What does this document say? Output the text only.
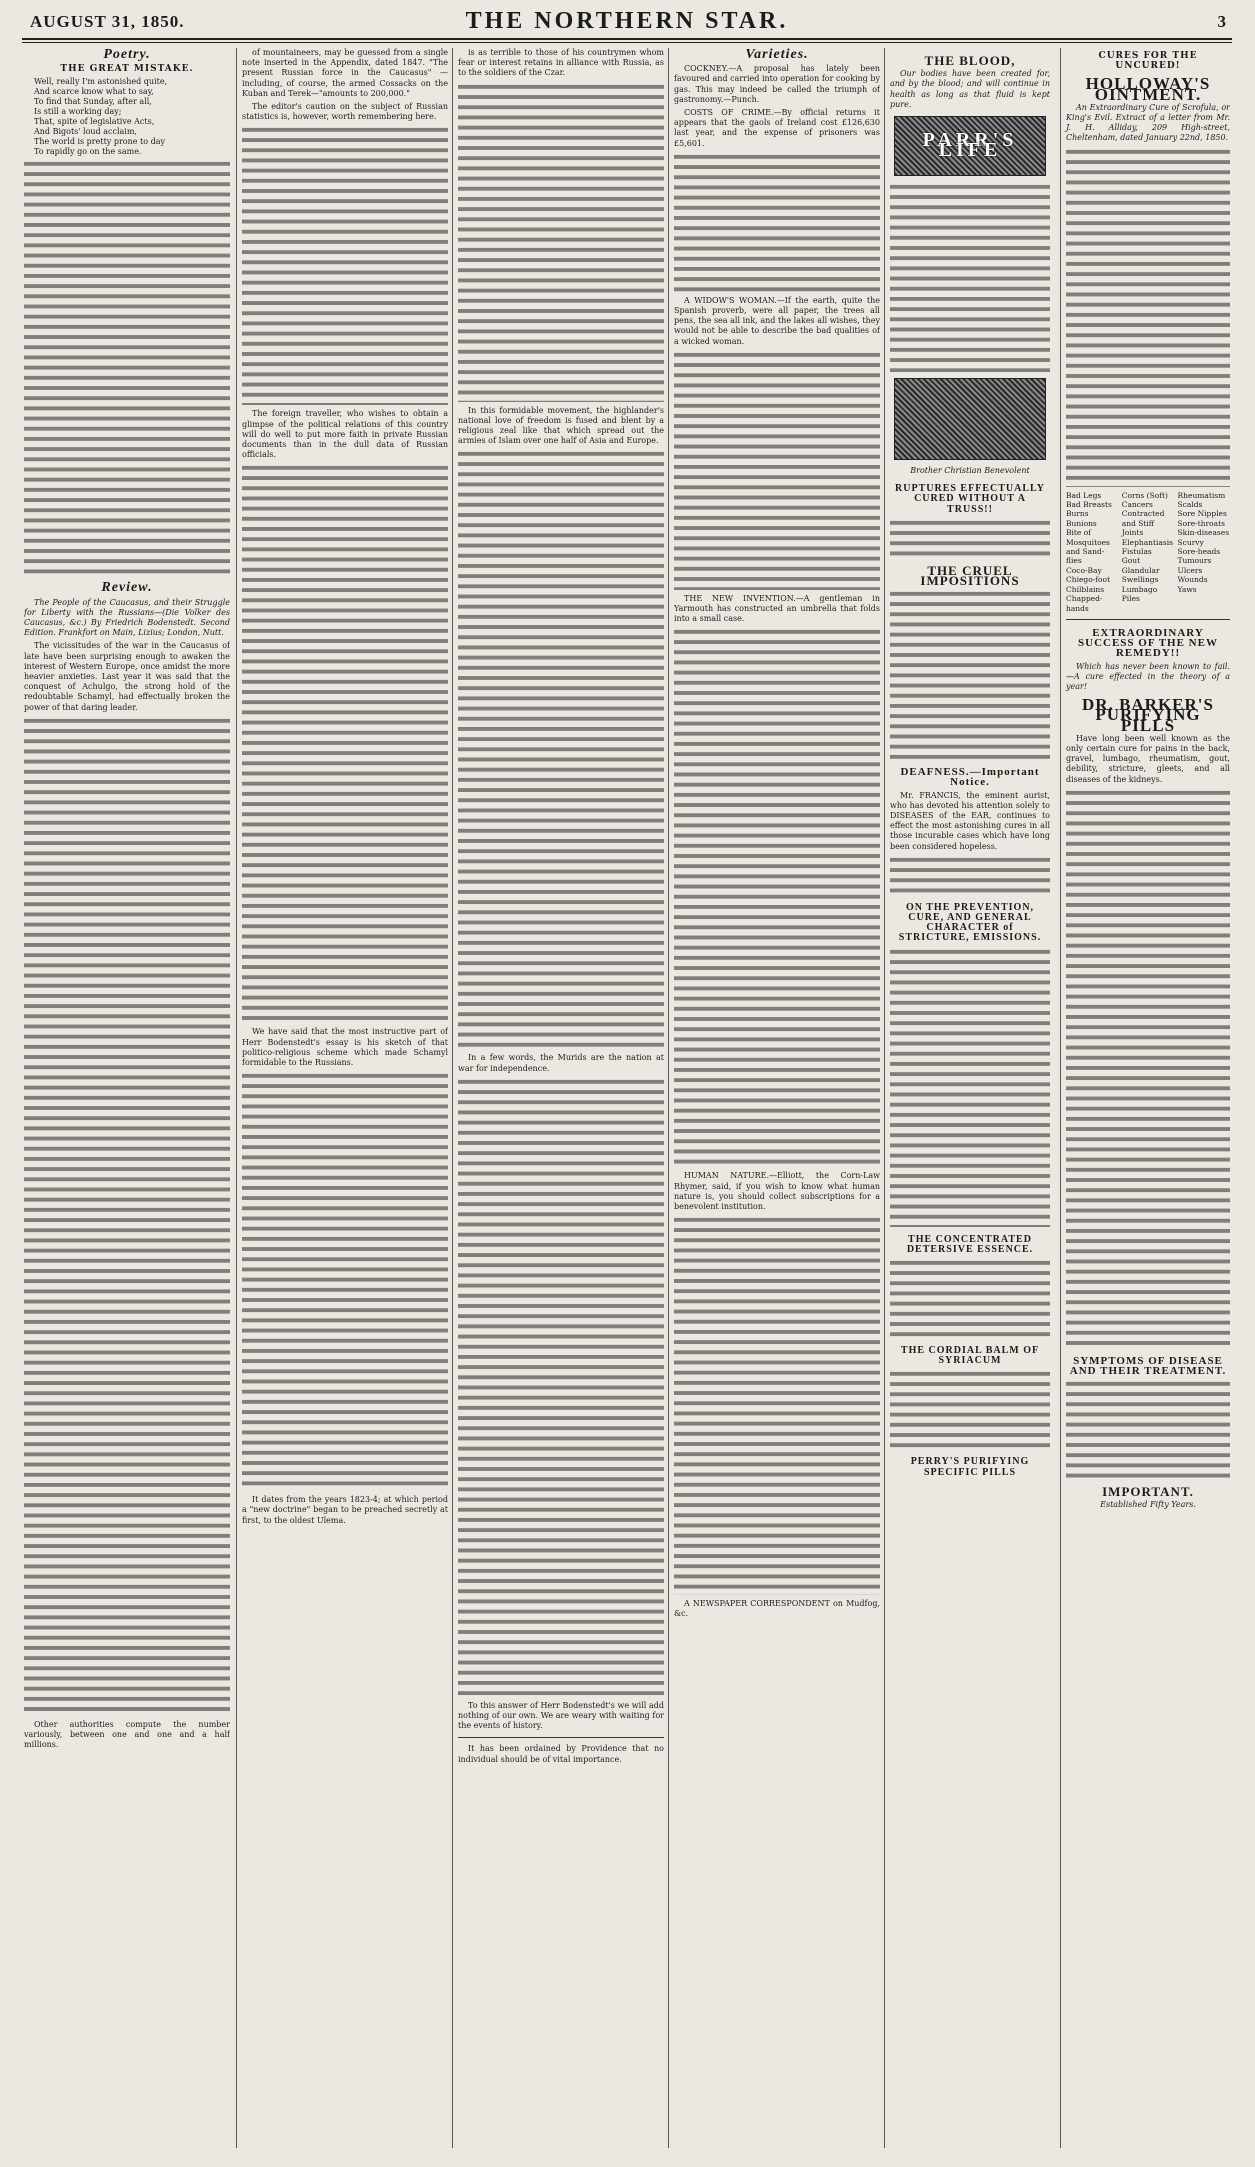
AUGUST 31, 1850.	THE NORTHERN STAR.	3
Poetry.
THE GREAT MISTAKE.
Well, really I'm astonished quite,
And scarce know what to say,
To find that Sunday, after all,
Is still a working day;
That, spite of legislative Acts,
And Bigots' loud acclaim,
The world is pretty prone to day
To rapidly go on the same.
Review.

The People of the Caucasus, and their Struggle for Liberty with the Russians—(Die Volker des Caucasus, &c.) By Friedrich Bodenstedt. Second Edition. Frankfort on Main, Lizius; London, Nutt.

The vicissitudes of the war in the Caucasus of late have been surprising enough to awaken the interest of Western Europe, once amidst the more heavier anxieties. Last year it was said that the conquest of Achulgo, the strong hold of the redoubtable Schamyl, had effectually broken the power of that daring leader.

Other authorities compute the number variously, between one and one and a half millions.

of mountaineers, may be guessed from a single note inserted in the Appendix, dated 1847. "The present Russian force in the Caucasus" —including, of course, the armed Cossacks on the Kuban and Terek—"amounts to 200,000."

The editor's caution on the subject of Russian statistics is, however, worth remembering here.

The foreign traveller, who wishes to obtain a glimpse of the political relations of this country will do well to put more faith in private Russian documents than in the dull data of Russian officials.

We have said that the most instructive part of Herr Bodenstedt's essay is his sketch of that politico-religious scheme which made Schamyl formidable to the Russians.

It dates from the years 1823-4; at which period a "new doctrine" began to be preached secretly at first, to the oldest Ulema.

is as terrible to those of his countrymen whom fear or interest retains in alliance with Russia, as to the soldiers of the Czar.

In this formidable movement, the highlander's national love of freedom is fused and blent by a religious zeal like that which spread out the armies of Islam over one half of Asia and Europe.

In a few words, the Murids are the nation at war for independence.

To this answer of Herr Bodenstedt's we will add nothing of our own. We are weary with waiting for the events of history.

It has been ordained by Providence that no individual should be of vital importance.

Varieties.

COCKNEY.—A proposal has lately been favoured and carried into operation for cooking by gas. This may indeed be called the triumph of gastronomy.—Punch.

COSTS OF CRIME.—By official returns it appears that the gaols of Ireland cost £126,630 last year, and the expense of prisoners was £5,601.

A WIDOW'S WOMAN.—If the earth, quite the Spanish proverb, were all paper, the trees all pens, the sea all ink, and the lakes all wishes, they would not be able to describe the bad qualities of a wicked woman.

THE NEW INVENTION.—A gentleman in Yarmouth has constructed an umbrella that folds into a small case.

HUMAN NATURE.—Elliott, the Corn-Law Rhymer, said, if you wish to know what human nature is, you should collect subscriptions for a benevolent institution.

A NEWSPAPER CORRESPONDENT on Mudfog, &c.

THE BLOOD,

Our bodies have been created for, and by the blood; and will continue in health as long as that fluid is kept pure.

PARR'S LIFE
Brother Christian Benevolent
RUPTURES EFFECTUALLY CURED WITHOUT A TRUSS!!
THE CRUEL IMPOSITIONS
DEAFNESS.—Important Notice.

Mr. FRANCIS, the eminent aurist, who has devoted his attention solely to DISEASES of the EAR, continues to effect the most astonishing cures in all those incurable cases which have long been considered hopeless.

ON THE PREVENTION, CURE, AND GENERAL CHARACTER of STRICTURE, EMISSIONS.
THE CONCENTRATED DETERSIVE ESSENCE.
THE CORDIAL BALM OF SYRIACUM
PERRY'S PURIFYING SPECIFIC PILLS
CURES FOR THE UNCURED!
HOLLOWAY'S OINTMENT.

An Extraordinary Cure of Scrofula, or King's Evil. Extract of a letter from Mr. J. H. Alliday, 209 High-street, Cheltenham, dated January 22nd, 1850.

Bad Legs
Bad Breasts
Burns
Bunions
Bite of Mosquitoes
and Sand-flies
Coco-Bay
Chiego-foot
Chilblains
Chapped-hands
Corns (Soft)
Cancers
Contracted and Stiff Joints
Elephantiasis
Fistulas
Gout
Glandular Swellings
Lumbago
Piles
Rheumatism
Scalds
Sore Nipples
Sore-throats
Skin-diseases
Scurvy
Sore-heads
Tumours
Ulcers
Wounds
Yaws
EXTRAORDINARY SUCCESS OF THE NEW REMEDY!!

Which has never been known to fail.—A cure effected in the theory of a year!

DR. BARKER'S PURIFYING PILLS

Have long been well known as the only certain cure for pains in the back, gravel, lumbago, rheumatism, gout, debility, stricture, gleets, and all diseases of the kidneys.

SYMPTOMS OF DISEASE AND THEIR TREATMENT.
IMPORTANT.
Established Fifty Years.
